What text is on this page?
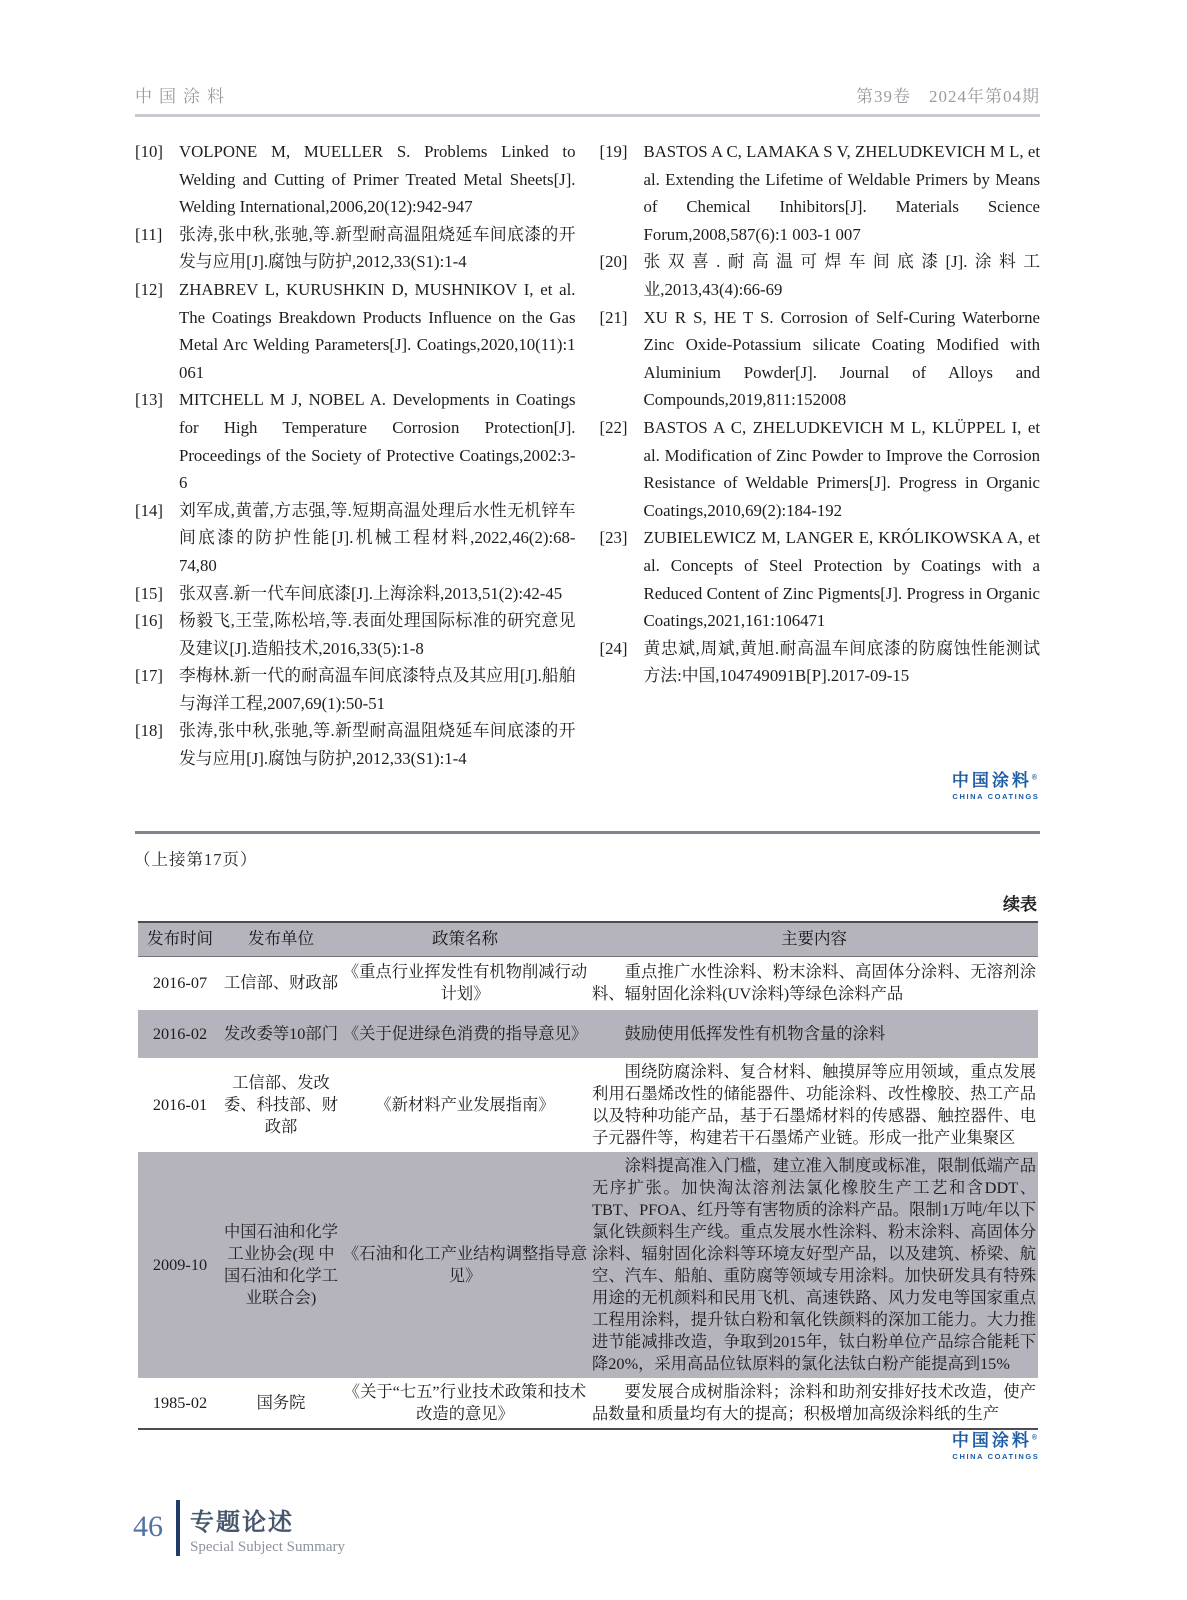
中国涂料	第39卷　2024年第04期
[10] VOLPONE M, MUELLER S. Problems Linked to Welding and Cutting of Primer Treated Metal Sheets[J]. Welding International,2006,20(12):942-947
[11] 张涛,张中秋,张驰,等.新型耐高温阻烧延车间底漆的开发与应用[J].腐蚀与防护,2012,33(S1):1-4
[12] ZHABREV L, KURUSHKIN D, MUSHNIKOV I, et al. The Coatings Breakdown Products Influence on the Gas Metal Arc Welding Parameters[J]. Coatings,2020,10(11):1 061
[13] MITCHELL M J, NOBEL A. Developments in Coatings for High Temperature Corrosion Protection[J]. Proceedings of the Society of Protective Coatings,2002:3-6
[14] 刘军成,黄蕾,方志强,等.短期高温处理后水性无机锌车间底漆的防护性能[J].机械工程材料,2022,46(2):68-74,80
[15] 张双喜.新一代车间底漆[J].上海涂料,2013,51(2):42-45
[16] 杨毅飞,王莹,陈松培,等.表面处理国际标准的研究意见及建议[J].造船技术,2016,33(5):1-8
[17] 李梅林.新一代的耐高温车间底漆特点及其应用[J].船舶与海洋工程,2007,69(1):50-51
[18] 张涛,张中秋,张驰,等.新型耐高温阻烧延车间底漆的开发与应用[J].腐蚀与防护,2012,33(S1):1-4
[19] BASTOS A C, LAMAKA S V, ZHELUDKEVICH M L, et al. Extending the Lifetime of Weldable Primers by Means of Chemical Inhibitors[J]. Materials Science Forum,2008,587(6):1 003-1 007
[20] 张双喜.耐高温可焊车间底漆[J].涂料工业,2013,43(4):66-69
[21] XU R S, HE T S. Corrosion of Self-Curing Waterborne Zinc Oxide-Potassium silicate Coating Modified with Aluminium Powder[J]. Journal of Alloys and Compounds,2019,811:152008
[22] BASTOS A C, ZHELUDKEVICH M L, KLÜPPEL I, et al. Modification of Zinc Powder to Improve the Corrosion Resistance of Weldable Primers[J]. Progress in Organic Coatings,2010,69(2):184-192
[23] ZUBIELEWICZ M, LANGER E, KRÓLIKOWSKA A, et al. Concepts of Steel Protection by Coatings with a Reduced Content of Zinc Pigments[J]. Progress in Organic Coatings,2021,161:106471
[24] 黄忠斌,周斌,黄旭.耐高温车间底漆的防腐蚀性能测试方法:中国,104749091B[P].2017-09-15
中国涂料®
CHINA COATINGS
（上接第17页）
续表
发布时间	发布单位	政策名称	主要内容
2016-07	工信部、财政部	《重点行业挥发性有机物削减行动计划》	重点推广水性涂料、粉末涂料、高固体分涂料、无溶剂涂料、辐射固化涂料(UV涂料)等绿色涂料产品

2016-02	发改委等10部门	《关于促进绿色消费的指导意见》	鼓励使用低挥发性有机物含量的涂料

2016-01	工信部、发改委、科技部、财政部	《新材料产业发展指南》	围绕防腐涂料、复合材料、触摸屏等应用领域，重点发展利用石墨烯改性的储能器件、功能涂料、改性橡胶、热工产品以及特种功能产品，基于石墨烯材料的传感器、触控器件、电子元器件等，构建若干石墨烯产业链。形成一批产业集聚区

2009-10	中国石油和化学工业协会(现 中国石油和化学工业联合会)	《石油和化工产业结构调整指导意见》	涂料提高准入门槛，建立准入制度或标准，限制低端产品无序扩张。加快淘汰溶剂法氯化橡胶生产工艺和含DDT、TBT、PFOA、红丹等有害物质的涂料产品。限制1万吨/年以下氯化铁颜料生产线。重点发展水性涂料、粉末涂料、高固体分涂料、辐射固化涂料等环境友好型产品，以及建筑、桥梁、航空、汽车、船舶、重防腐等领域专用涂料。加快研发具有特殊用途的无机颜料和民用飞机、高速铁路、风力发电等国家重点工程用涂料，提升钛白粉和氧化铁颜料的深加工能力。大力推进节能减排改造，争取到2015年，钛白粉单位产品综合能耗下降20%，采用高品位钛原料的氯化法钛白粉产能提高到15%

1985-02	国务院	《关于“七五”行业技术政策和技术改造的意见》	要发展合成树脂涂料；涂料和助剂安排好技术改造，使产品数量和质量均有大的提高；积极增加高级涂料纸的生产

中国涂料®
CHINA COATINGS
46 专题论述
Special Subject Summary
